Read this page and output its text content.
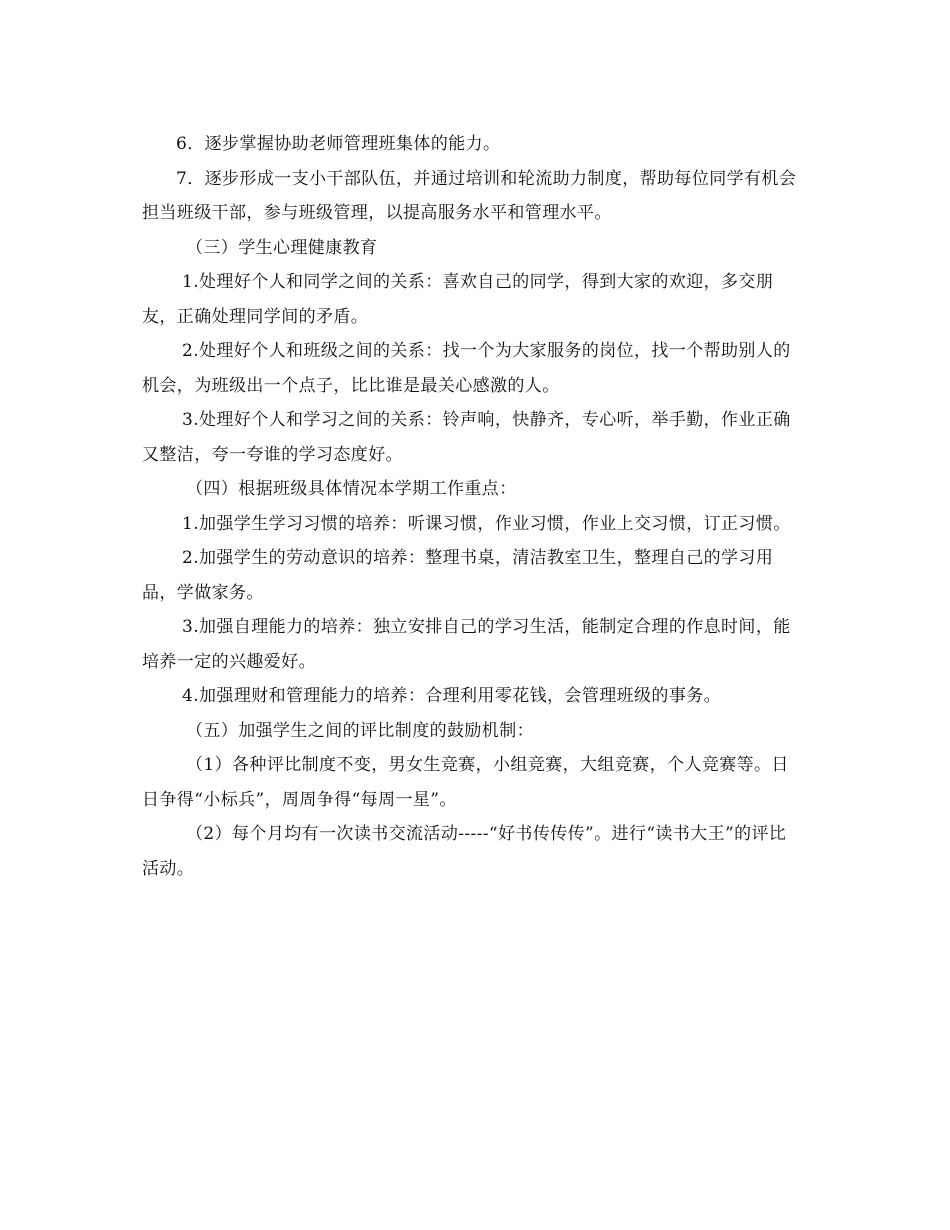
6．逐步掌握协助老师管理班集体的能力。

7．逐步形成一支小干部队伍，并通过培训和轮流助力制度，帮助每位同学有机会担当班级干部，参与班级管理，以提高服务水平和管理水平。

（三）学生心理健康教育

1.处理好个人和同学之间的关系：喜欢自己的同学，得到大家的欢迎，多交朋友，正确处理同学间的矛盾。

2.处理好个人和班级之间的关系：找一个为大家服务的岗位，找一个帮助别人的机会，为班级出一个点子，比比谁是最关心感激的人。

3.处理好个人和学习之间的关系：铃声响，快静齐，专心听，举手勤，作业正确又整洁，夸一夸谁的学习态度好。

（四）根据班级具体情况本学期工作重点：

1.加强学生学习习惯的培养：听课习惯，作业习惯，作业上交习惯，订正习惯。

2.加强学生的劳动意识的培养：整理书桌，清洁教室卫生，整理自己的学习用品，学做家务。

3.加强自理能力的培养：独立安排自己的学习生活，能制定合理的作息时间，能培养一定的兴趣爱好。

4.加强理财和管理能力的培养：合理利用零花钱，会管理班级的事务。

（五）加强学生之间的评比制度的鼓励机制：

（1）各种评比制度不变，男女生竞赛，小组竞赛，大组竞赛，个人竞赛等。日日争得“小标兵”，周周争得“每周一星”。

（2）每个月均有一次读书交流活动-----“好书传传传”。进行“读书大王”的评比活动。
